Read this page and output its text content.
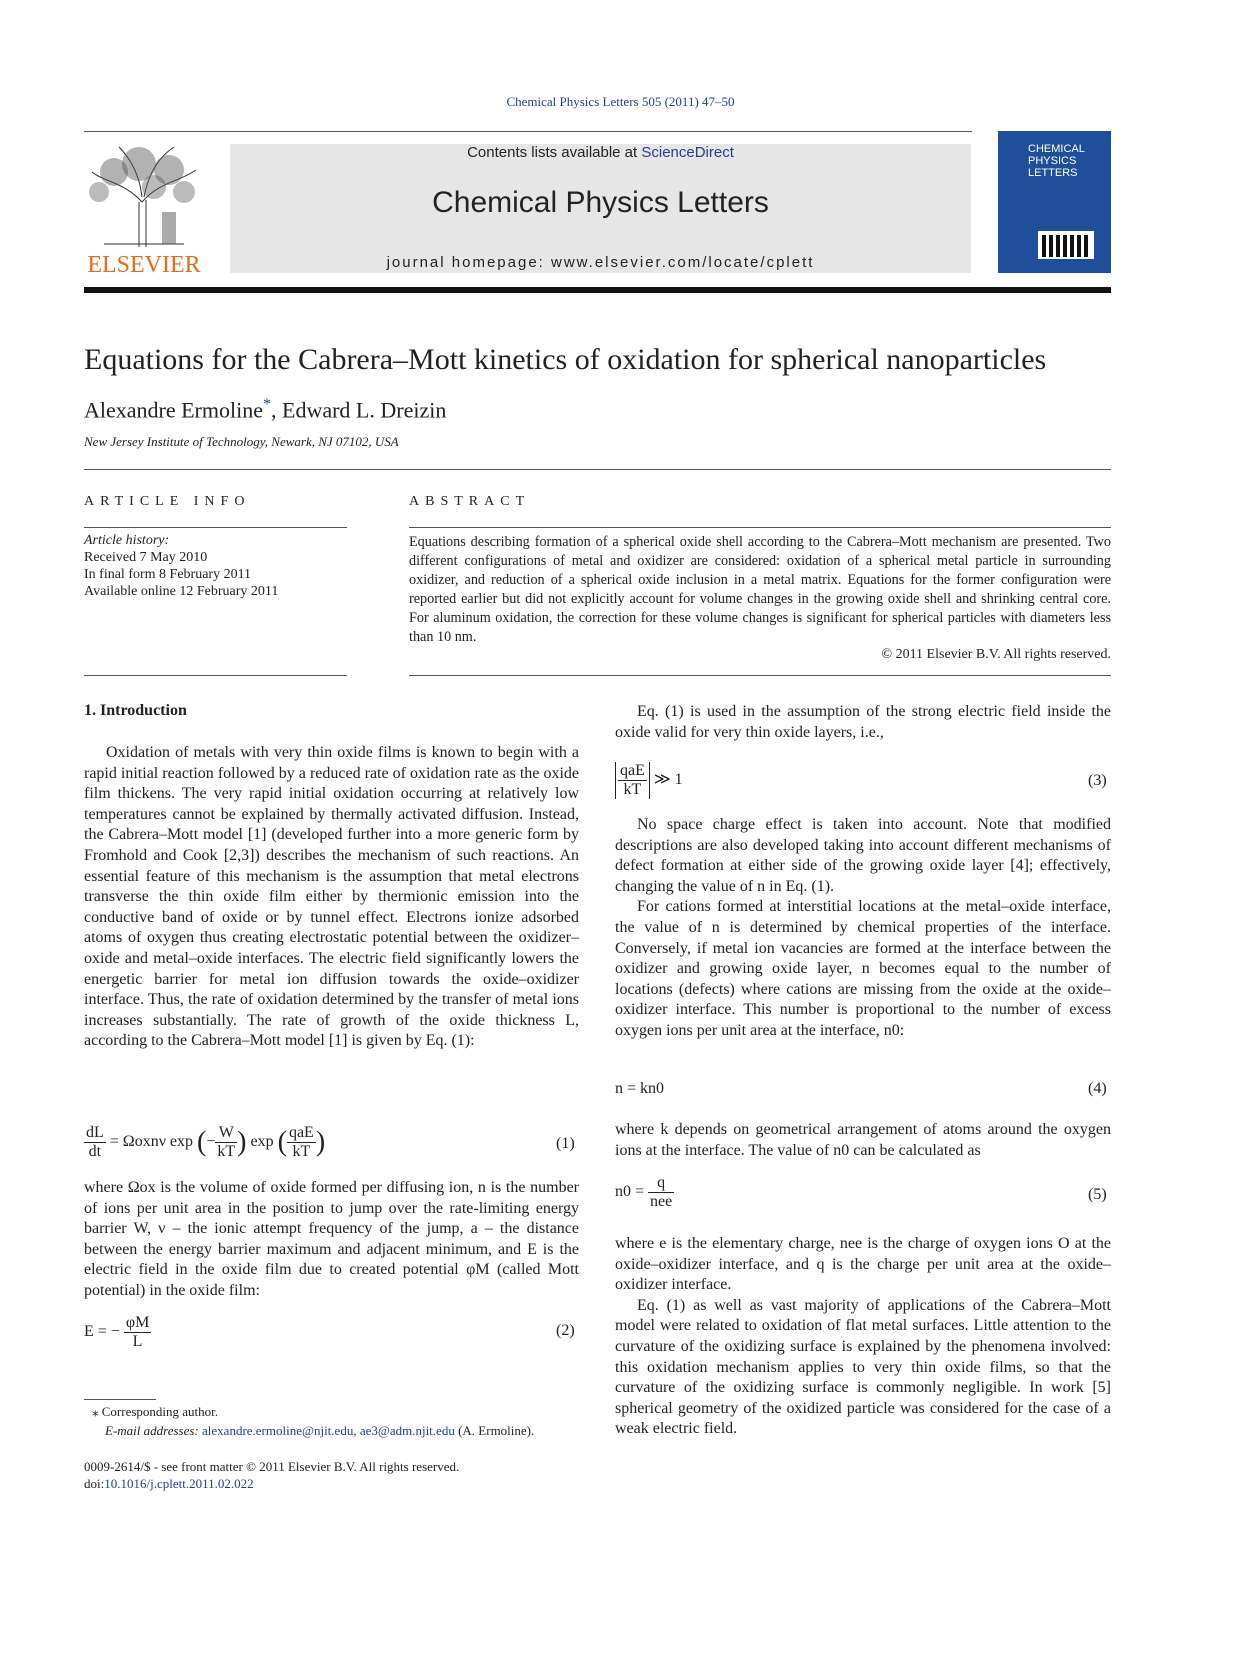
Chemical Physics Letters 505 (2011) 47–50
ELSEVIER
Contents lists available at ScienceDirect
Chemical Physics Letters
journal homepage: www.elsevier.com/locate/cplett
CHEMICAL PHYSICS LETTERS
Equations for the Cabrera–Mott kinetics of oxidation for spherical nanoparticles
Alexandre Ermoline*, Edward L. Dreizin
New Jersey Institute of Technology, Newark, NJ 07102, USA
ARTICLE INFO
Article history:
Received 7 May 2010
In final form 8 February 2011
Available online 12 February 2011
ABSTRACT
Equations describing formation of a spherical oxide shell according to the Cabrera–Mott mechanism are presented. Two different configurations of metal and oxidizer are considered: oxidation of a spherical metal particle in surrounding oxidizer, and reduction of a spherical oxide inclusion in a metal matrix. Equations for the former configuration were reported earlier but did not explicitly account for volume changes in the growing oxide shell and shrinking central core. For aluminum oxidation, the correction for these volume changes is significant for spherical particles with diameters less than 10 nm.
© 2011 Elsevier B.V. All rights reserved.
1. Introduction

Oxidation of metals with very thin oxide films is known to begin with a rapid initial reaction followed by a reduced rate of oxidation rate as the oxide film thickens. The very rapid initial oxidation occurring at relatively low temperatures cannot be explained by thermally activated diffusion. Instead, the Cabrera–Mott model [1] (developed further into a more generic form by Fromhold and Cook [2,3]) describes the mechanism of such reactions. An essential feature of this mechanism is the assumption that metal electrons transverse the thin oxide film either by thermionic emission into the conductive band of oxide or by tunnel effect. Electrons ionize adsorbed atoms of oxygen thus creating electrostatic potential between the oxidizer–oxide and metal–oxide interfaces. The electric field significantly lowers the energetic barrier for metal ion diffusion towards the oxide–oxidizer interface. Thus, the rate of oxidation determined by the transfer of metal ions increases substantially. The rate of growth of the oxide thickness L, according to the Cabrera–Mott model [1] is given by Eq. (1):

$\frac{dL}{dt} = \Omega oxn\nu$ exp (− $\frac{W}{kT}$ ) exp ( $\frac{\text{qaE}}{kT}$ )	(1)

where Ωox is the volume of oxide formed per diffusing ion, n is the number of ions per unit area in the position to jump over the rate-limiting energy barrier W, ν – the ionic attempt frequency of the jump, a – the distance between the energy barrier maximum and adjacent minimum, and E is the electric field in the oxide film due to created potential φM (called Mott potential) in the oxide film:

E = − $\frac{\varphi M}{L}$	(2)
⁎ Corresponding author.
E-mail addresses: alexandre.ermoline@njit.edu, ae3@adm.njit.edu (A. Ermoline).
0009-2614/$ - see front matter © 2011 Elsevier B.V. All rights reserved.
doi:10.1016/j.cplett.2011.02.022

Eq. (1) is used in the assumption of the strong electric field inside the oxide valid for very thin oxide layers, i.e.,

$\frac{\text{qaE}}{kT}$ ≫ 1	(3)

No space charge effect is taken into account. Note that modified descriptions are also developed taking into account different mechanisms of defect formation at either side of the growing oxide layer [4]; effectively, changing the value of n in Eq. (1).

For cations formed at interstitial locations at the metal–oxide interface, the value of n is determined by chemical properties of the interface. Conversely, if metal ion vacancies are formed at the interface between the oxidizer and growing oxide layer, n becomes equal to the number of locations (defects) where cations are missing from the oxide at the oxide–oxidizer interface. This number is proportional to the number of excess oxygen ions per unit area at the interface, n0:

n = kn0	(4)

where k depends on geometrical arrangement of atoms around the oxygen ions at the interface. The value of n0 can be calculated as

$n0 = \frac{q}{\text{nee}}$	(5)

where e is the elementary charge, nee is the charge of oxygen ions O at the oxide–oxidizer interface, and q is the charge per unit area at the oxide–oxidizer interface.

Eq. (1) as well as vast majority of applications of the Cabrera–Mott model were related to oxidation of flat metal surfaces. Little attention to the curvature of the oxidizing surface is explained by the phenomena involved: this oxidation mechanism applies to very thin oxide films, so that the curvature of the oxidizing surface is commonly negligible. In work [5] spherical geometry of the oxidized particle was considered for the case of a weak electric field.
